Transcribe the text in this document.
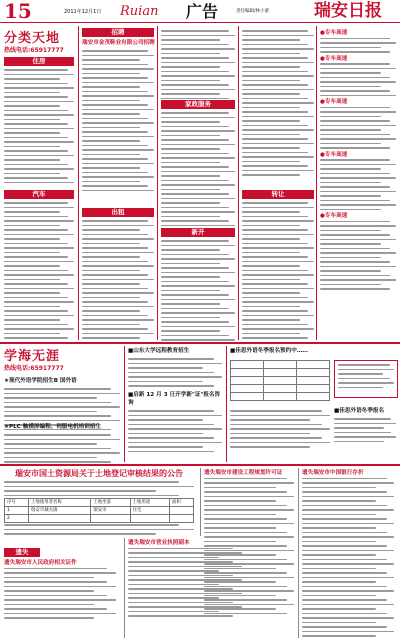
15	2011年12月1日 Ruian 广告	责任编辑/林小蒙	瑞安日报
分类天地
热线电话:65917777
住房
汽车
招聘
瑞安市金茂鞋业有限公司招聘
出租
家政服务
新开
转让
●专车高速
●专车高速
●专车高速
●专车高速
●专车高速
学海无涯
热线电话:65917777
★现代外语学院招生B 国外语
★PLC 触摸屏编程、伺服电机培训招生
■山东大学远程教育招生
■启新 12 月 3 日开学新"证"报名咨询
■佳思外语冬季报名预约中……

■佳思外语冬季报名
瑞安市国土资源局关于土地登记审核结果的公告
序号	土地使用者名称	土地坐落	土地用途	面积
1	瑞安市城关镇	瑞安市	住宅	
2				
遗失
遗失瑞安市人民政府相关证件
遗失瑞安市营业执照副本
遗失瑞安市建设工程规划许可证	遗失瑞安市中国银行存折
